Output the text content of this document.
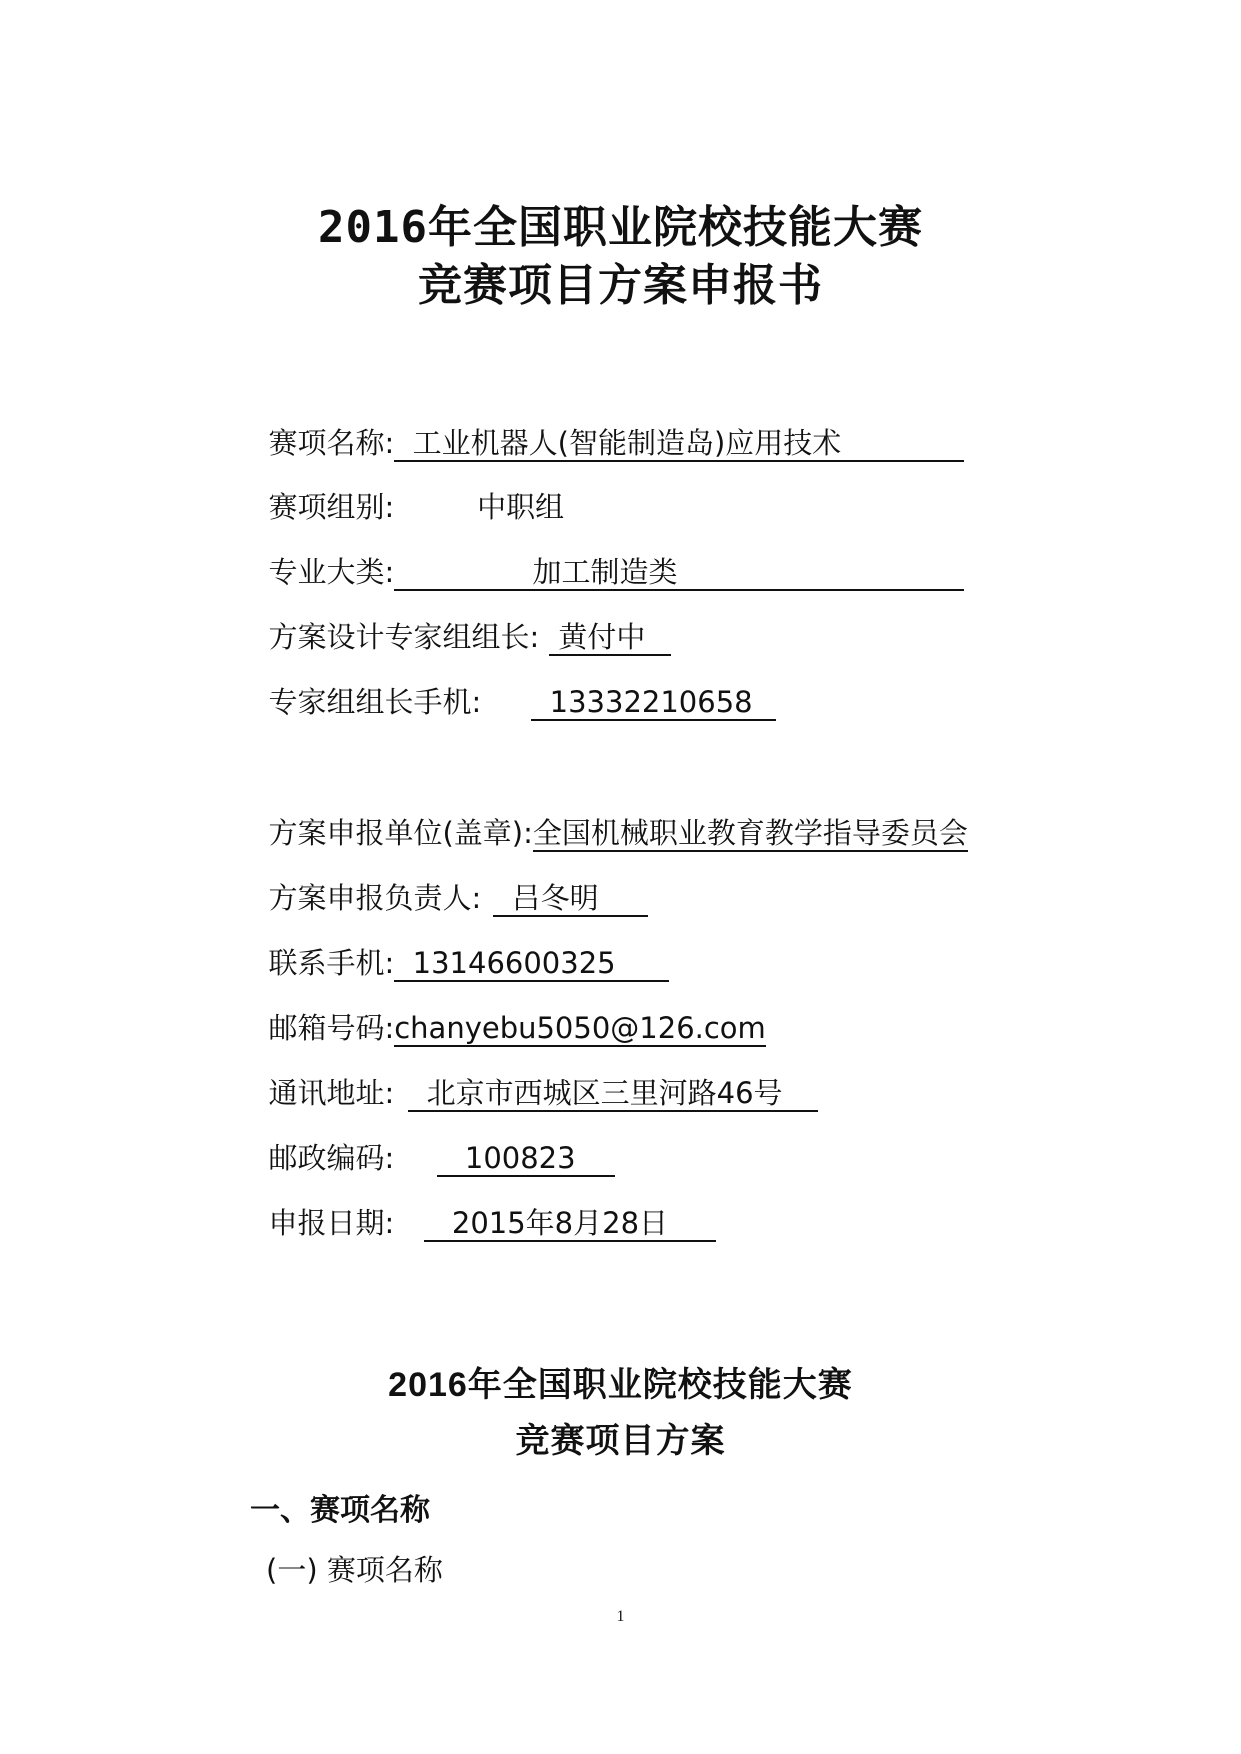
2016年全国职业院校技能大赛
竞赛项目方案申报书

赛项名称:  工业机器人(智能制造岛)应用技术

赛项组别:         中职组

专业大类:               加工制造类

方案设计专家组组长: 黄付中

专家组组长手机:  13332210658

方案申报单位(盖章):全国机械职业教育教学指导委员会

方案申报负责人:  吕冬明

联系手机:  13146600325

邮箱号码:chanyebu5050@126.com

通讯地址:  北京市西城区三里河路46号

邮政编码:   100823

申报日期:   2015年8月28日

2016年全国职业院校技能大赛
竞赛项目方案
一、赛项名称
(一) 赛项名称
1
